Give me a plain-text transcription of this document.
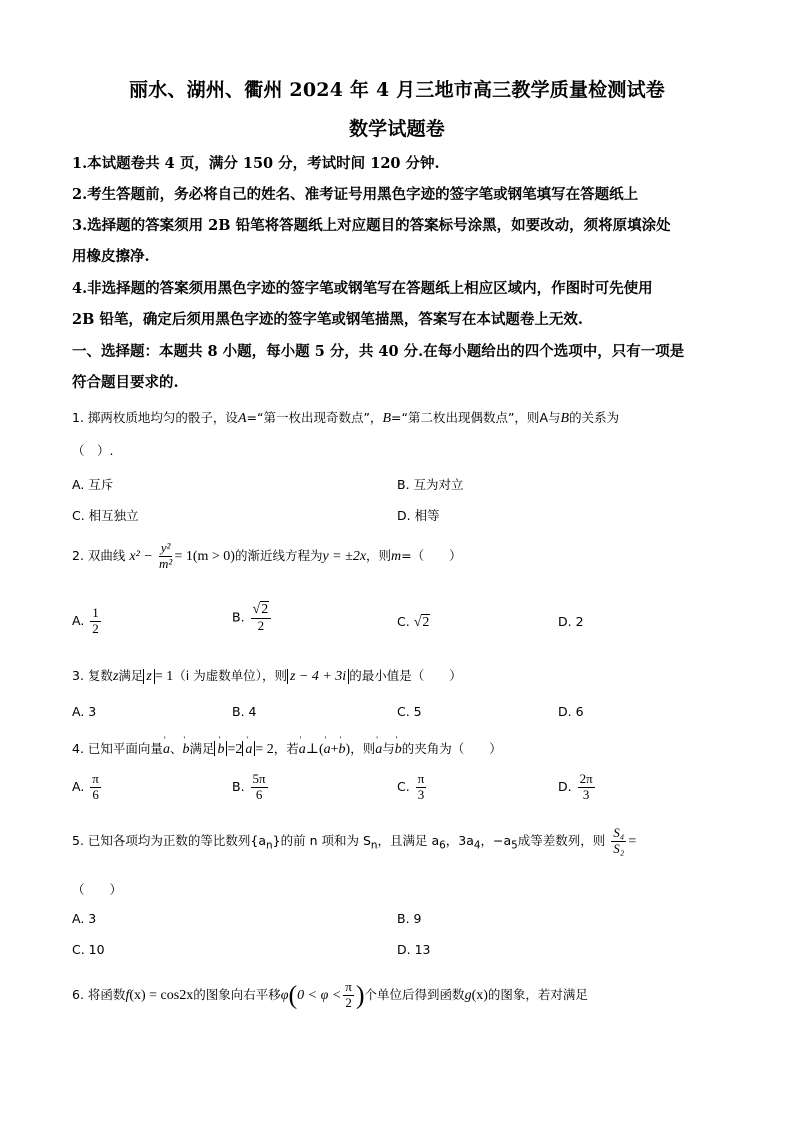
丽水、湖州、衢州 2024 年 4 月三地市高三教学质量检测试卷
数学试题卷
1.本试题卷共 4 页，满分 150 分，考试时间 120 分钟.
2.考生答题前，务必将自己的姓名、准考证号用黑色字迹的签字笔或钢笔填写在答题纸上
3.选择题的答案须用 2B 铅笔将答题纸上对应题目的答案标号涂黑，如要改动，须将原填涂处
用橡皮擦净.
4.非选择题的答案须用黑色字迹的签字笔或钢笔写在答题纸上相应区域内，作图时可先使用
2B 铅笔，确定后须用黑色字迹的签字笔或钢笔描黑，答案写在本试题卷上无效.
一、选择题：本题共 8 小题，每小题 5 分，共 40 分.在每小题给出的四个选项中，只有一项是
符合题目要求的.
1. 掷两枚质地均匀的骰子，设A=“第一枚出现奇数点”，B=“第二枚出现偶数点”，则A与B的关系为
（　）.
A. 互斥	B. 互为对立
C. 相互独立	D. 相等
2. 双曲线 $x^2 - \frac{\text{y²}}{\text{m²}} = 1(m > 0)$的渐近线方程为y = ±2x，则m=（　　）
A. $\frac{1}{2}$	B. $\frac{√2}{2}$	C. √2	D. 2
3. 复数z满足 z = 1（i 为虚数单位），则 z − 4 + 3i 的最小值是（　　）
A. 3	B. 4	C. 5	D. 6
4. 已知平面向量' a、' b满足 ' b =2 ' a = 2，若' a⊥(' a+' b)，则' a与' b的夹角为（　　）
A. $\frac{\pi}{6}$	B. $\frac{5\pi}{6}$	C. $\frac{\pi}{3}$	D. $\frac{2\pi}{3}$
5. 已知各项均为正数的等比数列$\{a_n\}$的前 n 项和为 $S_n$，且满足 $a_6$，$3a_4$，$-a_5$成等差数列，则 $\frac{\text{S₄}}{\text{S₂}}$ =
（　　）
A. 3	B. 9
C. 10	D. 13
6. 将函数f(x) = cos2x的图象向右平移$\varphi(0 < \varphi < \frac{\pi}{2}$ )个单位后得到函数g(x)的图象，若对满足
